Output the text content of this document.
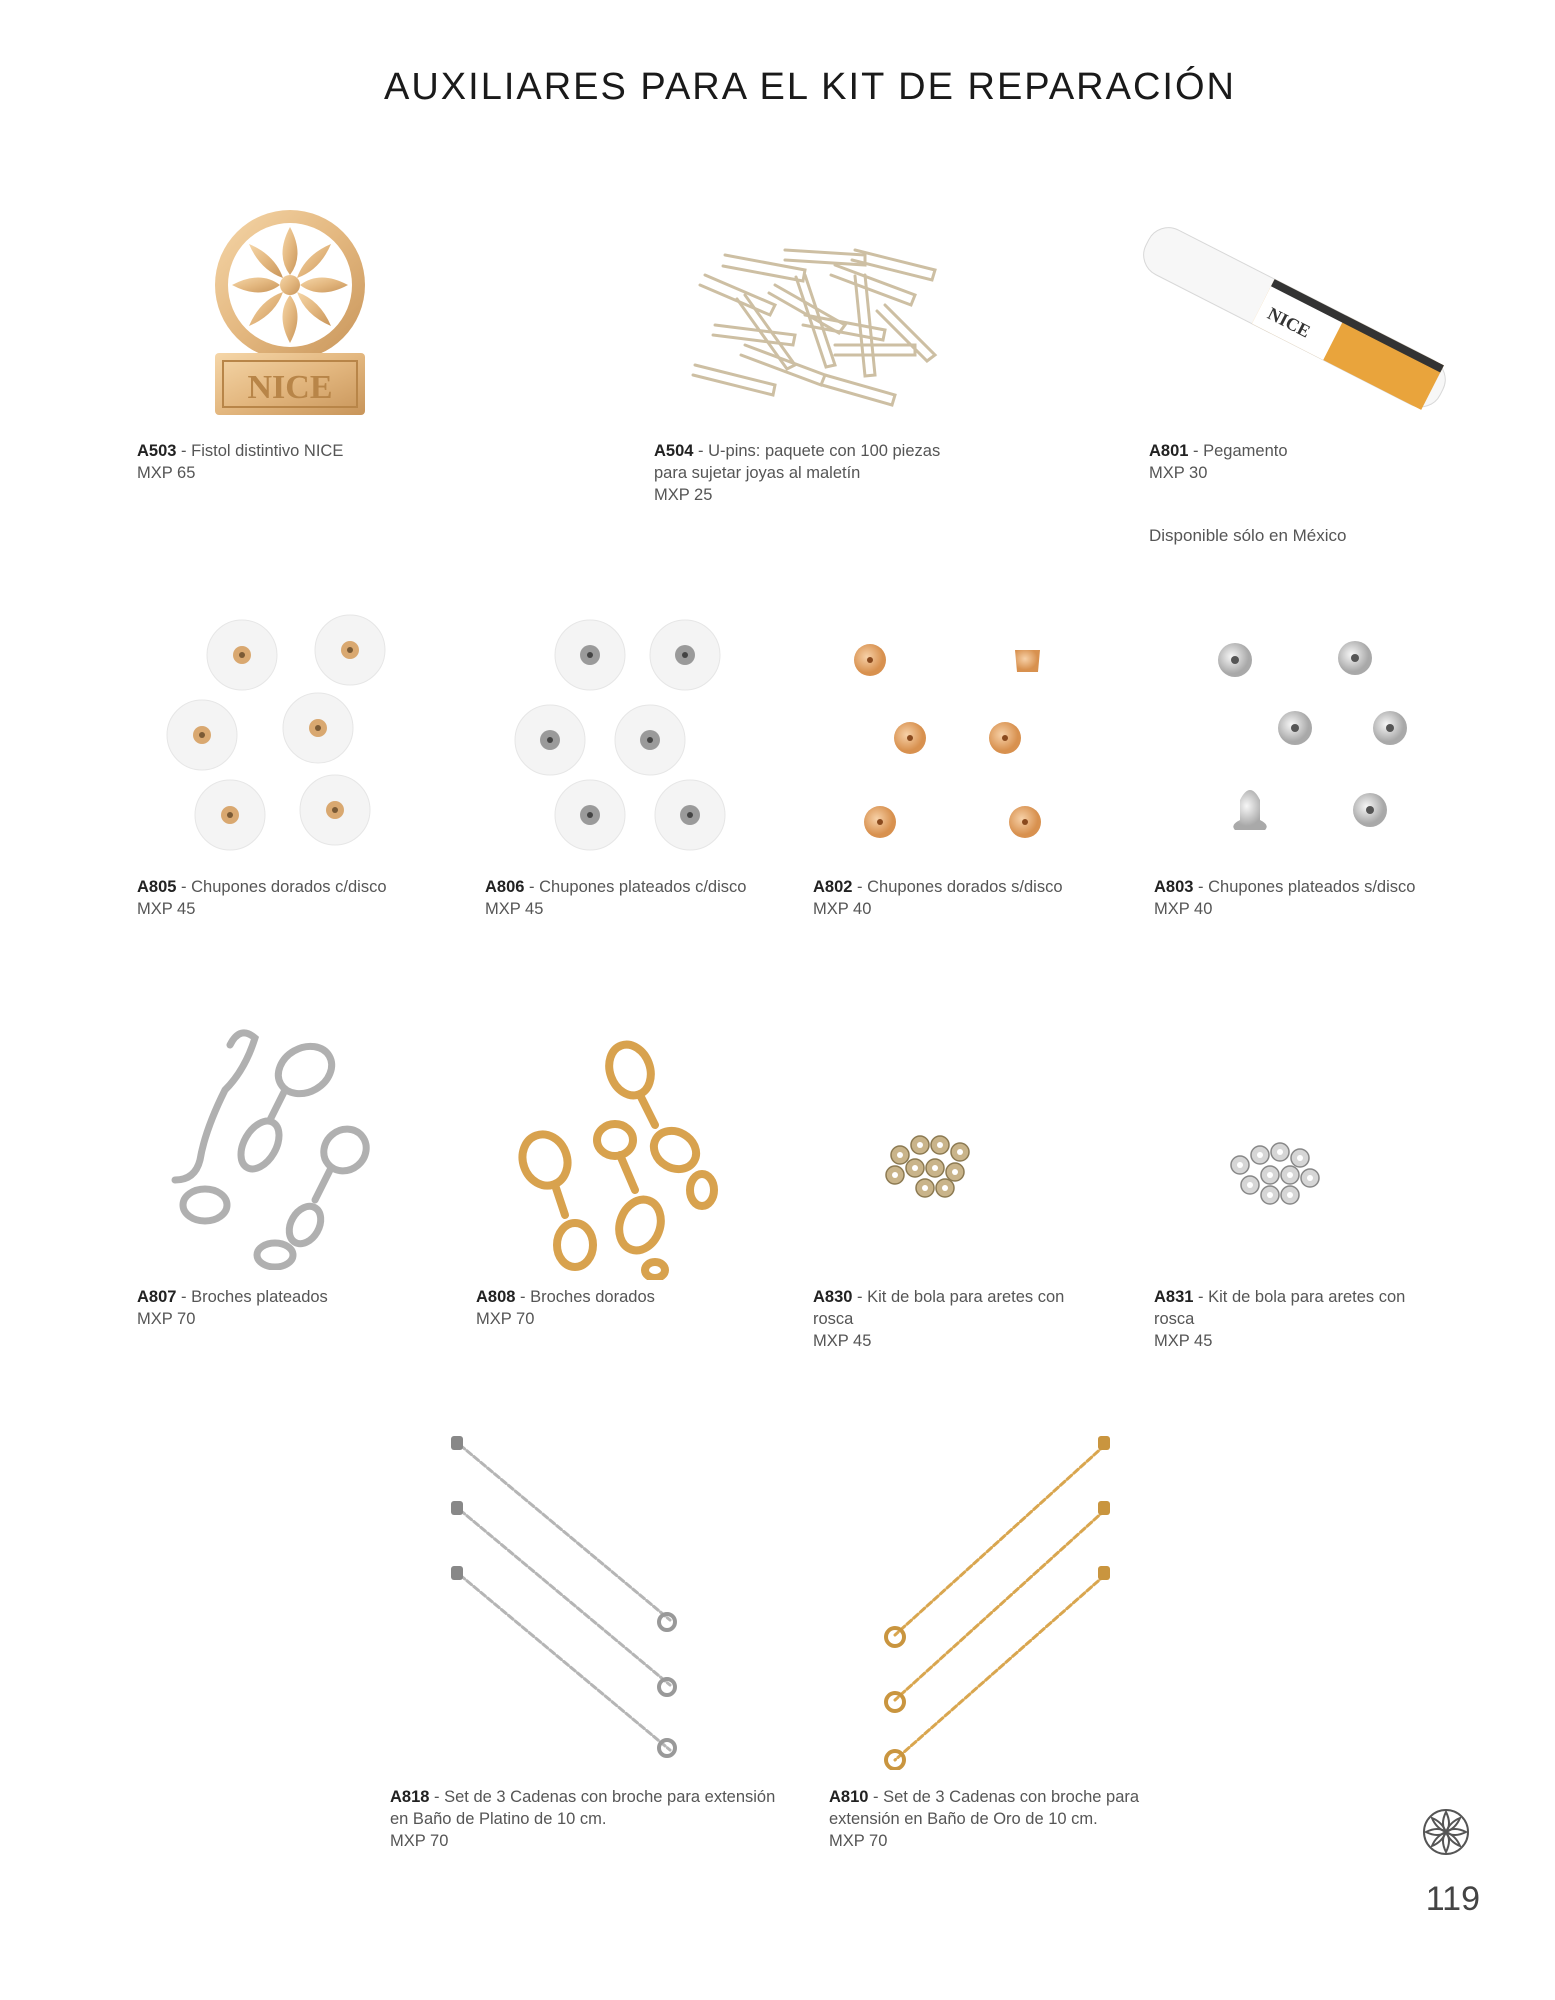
AUXILIARES PARA EL KIT DE REPARACIÓN
NICE
NICE
A503 - Fistol distintivo NICE
MXP 65
A504 - U-pins: paquete con 100 piezas para sujetar joyas al maletín
MXP 25
A801 - Pegamento
MXP 30
Disponible sólo en México
A805 - Chupones dorados c/disco
MXP 45
A806 - Chupones plateados c/disco
MXP 45
A802 - Chupones dorados s/disco
MXP 40
A803 - Chupones plateados s/disco
MXP 40
A807 - Broches plateados
MXP 70
A808 - Broches dorados
MXP 70
A830 - Kit de bola para aretes con rosca
MXP 45
A831 - Kit de bola para aretes con rosca
MXP 45
A818 - Set de 3 Cadenas con broche para extensión en Baño de Platino de 10 cm.
MXP 70
A810 - Set de 3 Cadenas con broche para extensión en Baño de Oro de 10 cm.
MXP 70
119
